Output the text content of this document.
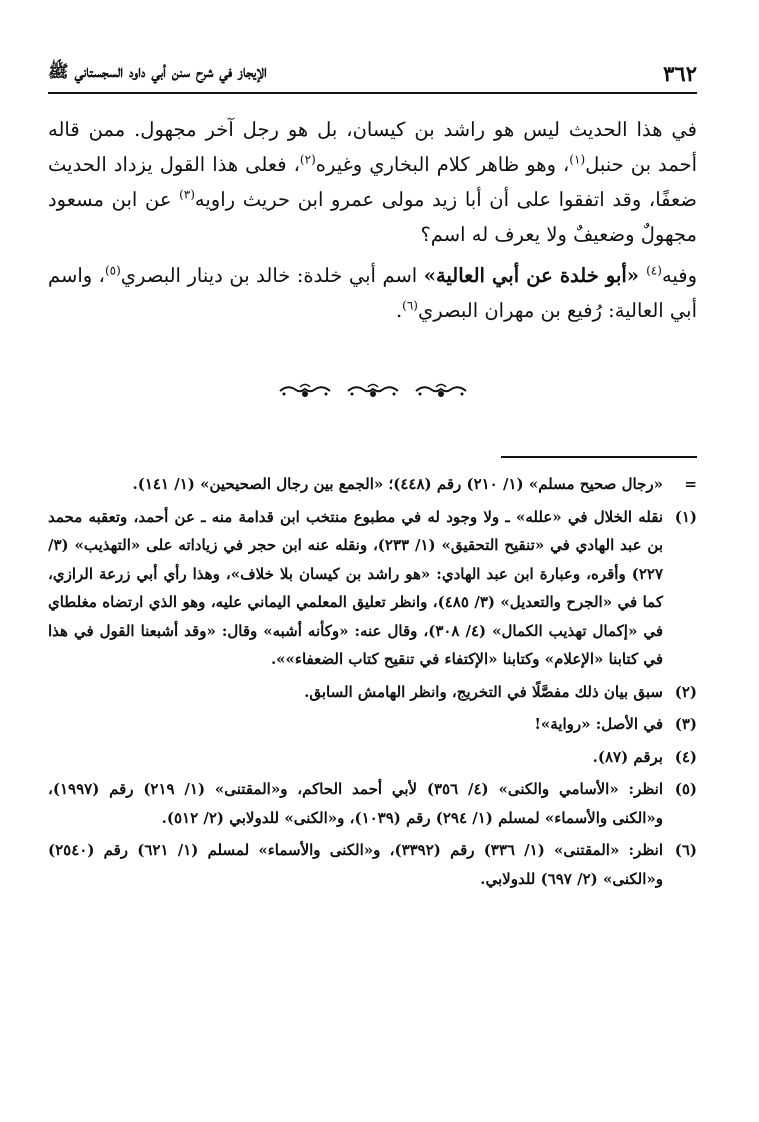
٣٦٢
الإيجاز في شرح سنن أبي داود السجستاني ﷺ

في هذا الحديث ليس هو راشد بن كيسان، بل هو رجل آخر مجهول. ممن قاله أحمد بن حنبل$^{(١)}$، وهو ظاهر كلام البخاري وغيره$^{(٢)}$، فعلى هذا القول يزداد الحديث ضعفًا، وقد اتفقوا على أن أبا زيد مولى عمرو ابن حريث راويه$^{(٣)}$ عن ابن مسعود مجهولٌ وضعيفٌ ولا يعرف له اسم؟

وفيه$^{(٤)}$ «أبو خلدة عن أبي العالية» اسم أبي خلدة: خالد بن دينار البصري$^{(٥)}$، واسم أبي العالية: رُفيع بن مهران البصري$^{(٦)}$.

=
«رجال صحيح مسلم» (١/ ٢١٠) رقم (٤٤٨)؛ «الجمع بين رجال الصحيحين» (١/ ١٤١).
(١)
نقله الخلال في «علله» ـ ولا وجود له في مطبوع منتخب ابن قدامة منه ـ عن أحمد، وتعقبه محمد بن عبد الهادي في «تنقيح التحقيق» (١/ ٢٣٣)، ونقله عنه ابن حجر في زياداته على «التهذيب» (٣/ ٢٢٧) وأقره، وعبارة ابن عبد الهادي: «هو راشد بن كيسان بلا خلاف»، وهذا رأي أبي زرعة الرازي، كما في «الجرح والتعديل» (٣/ ٤٨٥)، وانظر تعليق المعلمي اليماني عليه، وهو الذي ارتضاه مغلطاي في «إكمال تهذيب الكمال» (٤/ ٣٠٨)، وقال عنه: «وكأنه أشبه» وقال: «وقد أشبعنا القول في هذا في كتابنا «الإعلام» وكتابنا «الإكتفاء في تنقيح كتاب الضعفاء»».
(٢)
سبق بيان ذلك مفصَّلًا في التخريج، وانظر الهامش السابق.
(٣)
في الأصل: «رواية»!
(٤)
برقم (٨٧).
(٥)
انظر: «الأسامي والكنى» (٤/ ٣٥٦) لأبي أحمد الحاكم، و«المقتنى» (١/ ٢١٩) رقم (١٩٩٧)، و«الكنى والأسماء» لمسلم (١/ ٢٩٤) رقم (١٠٣٩)، و«الكنى» للدولابي (٢/ ٥١٢).
(٦)
انظر: «المقتنى» (١/ ٣٣٦) رقم (٣٣٩٢)، و«الكنى والأسماء» لمسلم (١/ ٦٢١) رقم (٢٥٤٠) و«الكنى» (٢/ ٦٩٧) للدولابي.
